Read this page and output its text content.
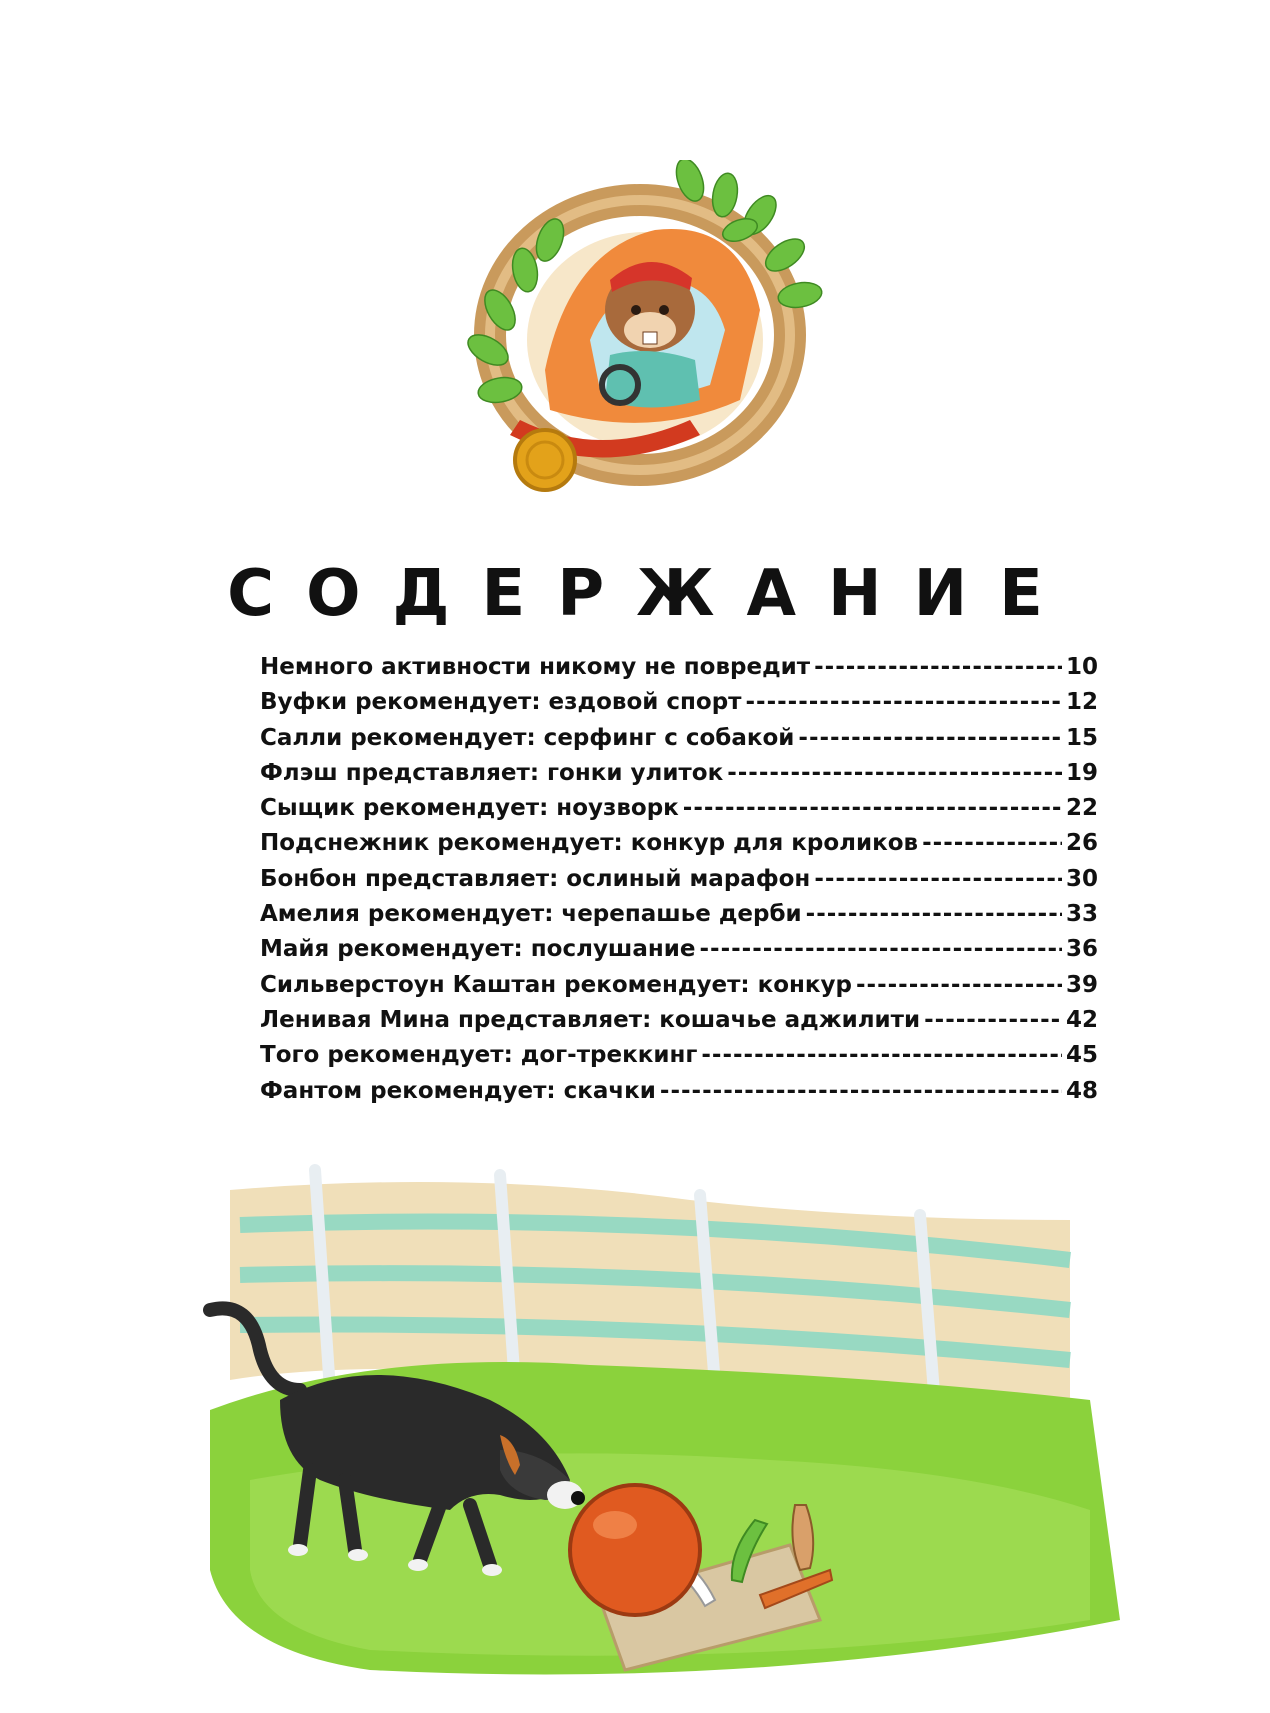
СОДЕРЖАНИЕ
Немного активности никому не повредит -----	10
Вуфки рекомендует: ездовой спорт -----	12
Салли рекомендует: серфинг с собакой -----	15
Флэш представляет: гонки улиток -----	19
Сыщик рекомендует: ноузворк -----	22
Подснежник рекомендует: конкур для кроликов -----	26
Бонбон представляет: ослиный марафон -----	30
Амелия рекомендует: черепашье дерби -----	33
Майя рекомендует: послушание -----	36
Сильверстоун Каштан рекомендует: конкур -----	39
Ленивая Мина представляет: кошачье аджилити -----	42
Того рекомендует: дог-треккинг -----	45
Фантом рекомендует: скачки -----	48
